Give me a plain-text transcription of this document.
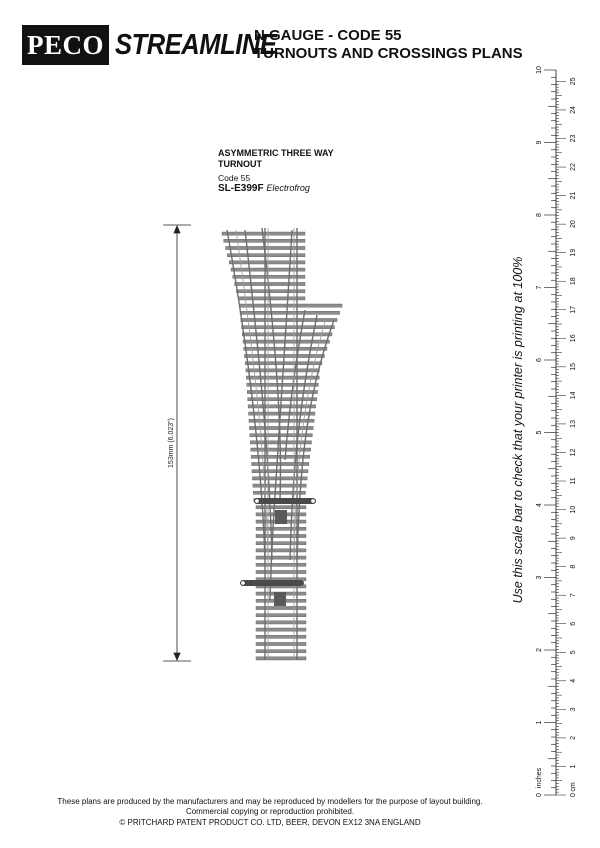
PECO STREAMLINE
N GAUGE - CODE 55
TURNOUTS AND CROSSINGS PLANS
ASYMMETRIC THREE WAY
TURNOUT
Code 55
SL-E399F Electrofrog
153mm (6.023")	Use this scale bar to check that your printer is printing at 100%
0
1
2
3
4
5
6
7
8
9
10
0
1
2
3
4
5
6
7
8
9
10
11
12
13
14
15
16
17
18
19
20
21
22
23
24
25
inches	cm
These plans are produced by the manufacturers and may be reproduced by modellers for the purpose of layout building.
Commercial copying or reproduction prohibited.
© PRITCHARD PATENT PRODUCT CO. LTD, BEER, DEVON EX12 3NA ENGLAND
